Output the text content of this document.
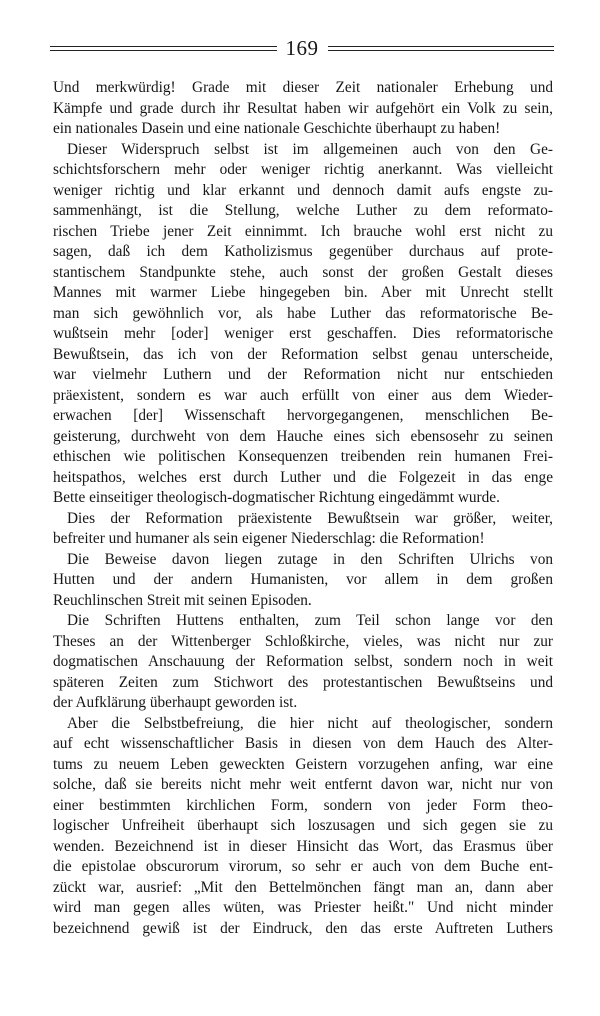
169
Und merkwürdig! Grade mit dieser Zeit nationaler Erhebung und
Kämpfe und grade durch ihr Resultat haben wir aufgehört ein Volk zu sein,
ein nationales Dasein und eine nationale Geschichte überhaupt zu haben!
Dieser Widerspruch selbst ist im allgemeinen auch von den Ge-
schichtsforschern mehr oder weniger richtig anerkannt. Was vielleicht
weniger richtig und klar erkannt und dennoch damit aufs engste zu-
sammenhängt, ist die Stellung, welche Luther zu dem reformato-
rischen Triebe jener Zeit einnimmt. Ich brauche wohl erst nicht zu
sagen, daß ich dem Katholizismus gegenüber durchaus auf prote-
stantischem Standpunkte stehe, auch sonst der großen Gestalt dieses
Mannes mit warmer Liebe hingegeben bin. Aber mit Unrecht stellt
man sich gewöhnlich vor, als habe Luther das reformatorische Be-
wußtsein mehr [oder] weniger erst geschaffen. Dies reformatorische
Bewußtsein, das ich von der Reformation selbst genau unterscheide,
war vielmehr Luthern und der Reformation nicht nur entschieden
präexistent, sondern es war auch erfüllt von einer aus dem Wieder-
erwachen [der] Wissenschaft hervorgegangenen, menschlichen Be-
geisterung, durchweht von dem Hauche eines sich ebensosehr zu seinen
ethischen wie politischen Konsequenzen treibenden rein humanen Frei-
heitspathos, welches erst durch Luther und die Folgezeit in das enge
Bette einseitiger theologisch-dogmatischer Richtung eingedämmt wurde.
Dies der Reformation präexistente Bewußtsein war größer, weiter,
befreiter und humaner als sein eigener Niederschlag: die Reformation!
Die Beweise davon liegen zutage in den Schriften Ulrichs von
Hutten und der andern Humanisten, vor allem in dem großen
Reuchlinschen Streit mit seinen Episoden.
Die Schriften Huttens enthalten, zum Teil schon lange vor den
Theses an der Wittenberger Schloßkirche, vieles, was nicht nur zur
dogmatischen Anschauung der Reformation selbst, sondern noch in weit
späteren Zeiten zum Stichwort des protestantischen Bewußtseins und
der Aufklärung überhaupt geworden ist.
Aber die Selbstbefreiung, die hier nicht auf theologischer, sondern
auf echt wissenschaftlicher Basis in diesen von dem Hauch des Alter-
tums zu neuem Leben geweckten Geistern vorzugehen anfing, war eine
solche, daß sie bereits nicht mehr weit entfernt davon war, nicht nur von
einer bestimmten kirchlichen Form, sondern von jeder Form theo-
logischer Unfreiheit überhaupt sich loszusagen und sich gegen sie zu
wenden. Bezeichnend ist in dieser Hinsicht das Wort, das Erasmus über
die epistolae obscurorum virorum, so sehr er auch von dem Buche ent-
zückt war, ausrief: „Mit den Bettelmönchen fängt man an, dann aber
wird man gegen alles wüten, was Priester heißt." Und nicht minder
bezeichnend gewiß ist der Eindruck, den das erste Auftreten Luthers
